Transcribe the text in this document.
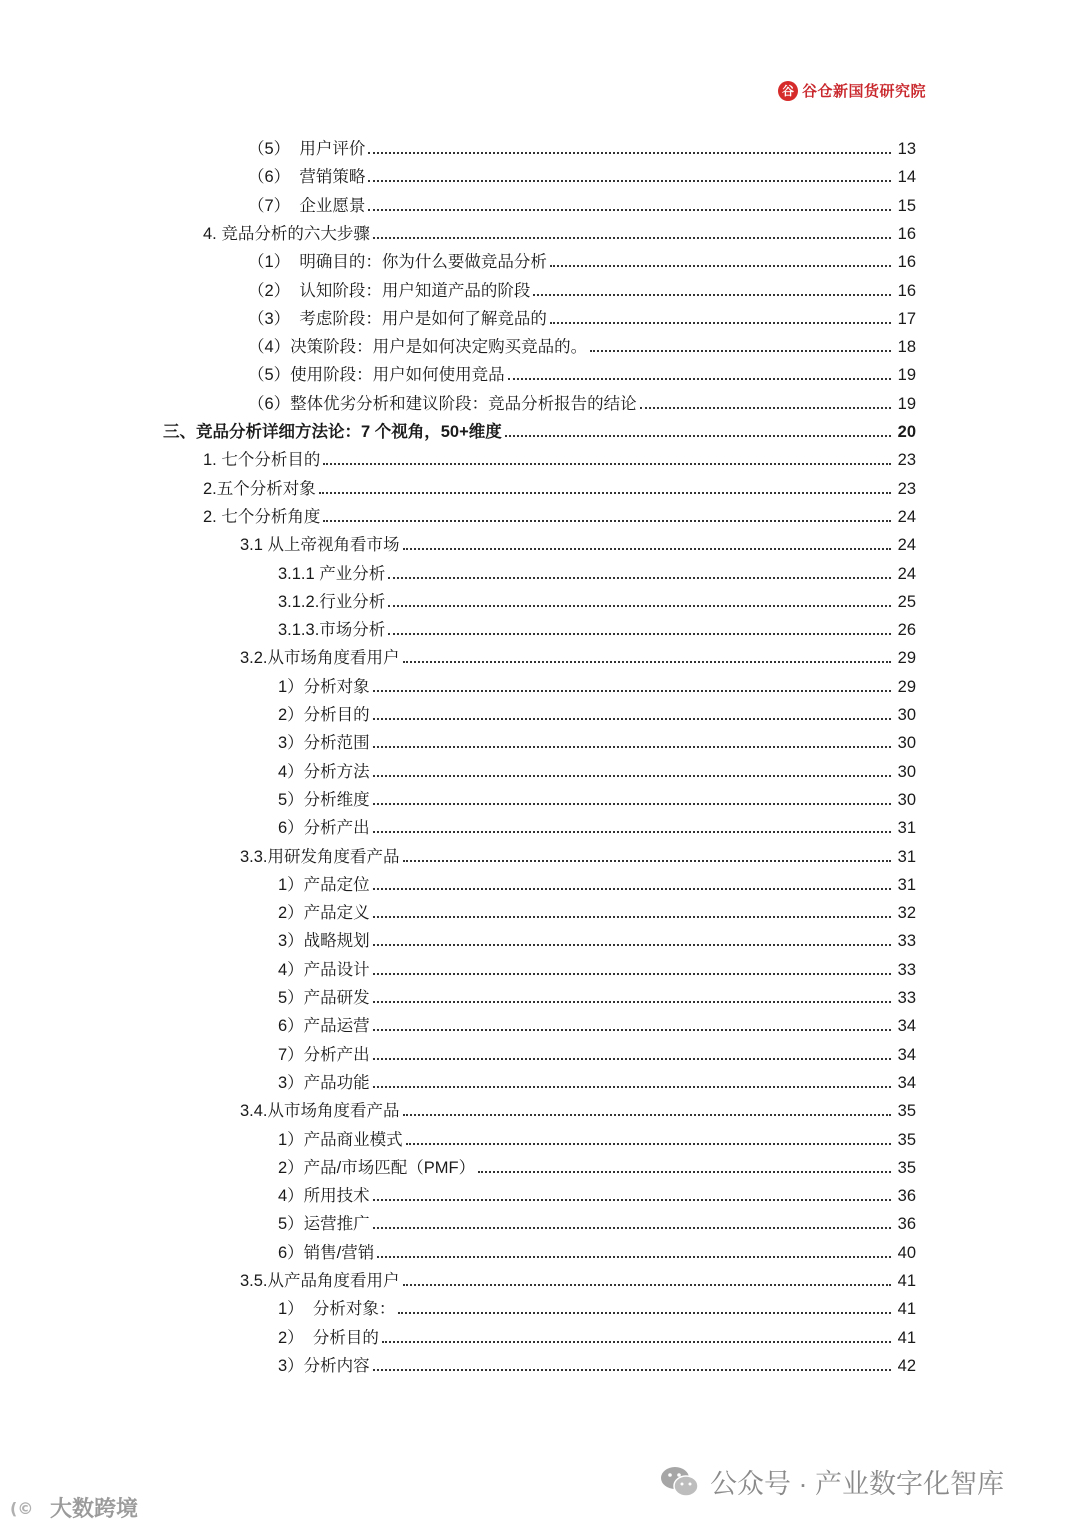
谷 谷仓新国货研究院
（5）  用户评价	13
（6）  营销策略	14
（7）  企业愿景	15
4. 竞品分析的六大步骤	16
（1）  明确目的：你为什么要做竞品分析	16
（2）  认知阶段：用户知道产品的阶段	16
（3）  考虑阶段：用户是如何了解竞品的	17
（4）决策阶段：用户是如何决定购买竞品的。	18
（5）使用阶段：用户如何使用竞品	19
（6）整体优劣分析和建议阶段：竞品分析报告的结论	19
三、竞品分析详细方法论：7 个视角，50+维度	20
1. 七个分析目的	23
2.五个分析对象	23
2. 七个分析角度	24
3.1 从上帝视角看市场	24
3.1.1 产业分析	24
3.1.2.行业分析	25
3.1.3.市场分析	26
3.2.从市场角度看用户	29
1）分析对象	29
2）分析目的	30
3）分析范围	30
4）分析方法	30
5）分析维度	30
6）分析产出	31
3.3.用研发角度看产品	31
1）产品定位	31
2）产品定义	32
3）战略规划	33
4）产品设计	33
5）产品研发	33
6）产品运营	34
7）分析产出	34
3）产品功能	34
3.4.从市场角度看产品	35
1）产品商业模式	35
2）产品/市场匹配（PMF）	35
4）所用技术	36
5）运营推广	36
6）销售/营销	40
3.5.从产品角度看用户	41
1）  分析对象：	41
2）  分析目的	41
3）分析内容	42
公众号 · 产业数字化智库
(© 大数跨境
